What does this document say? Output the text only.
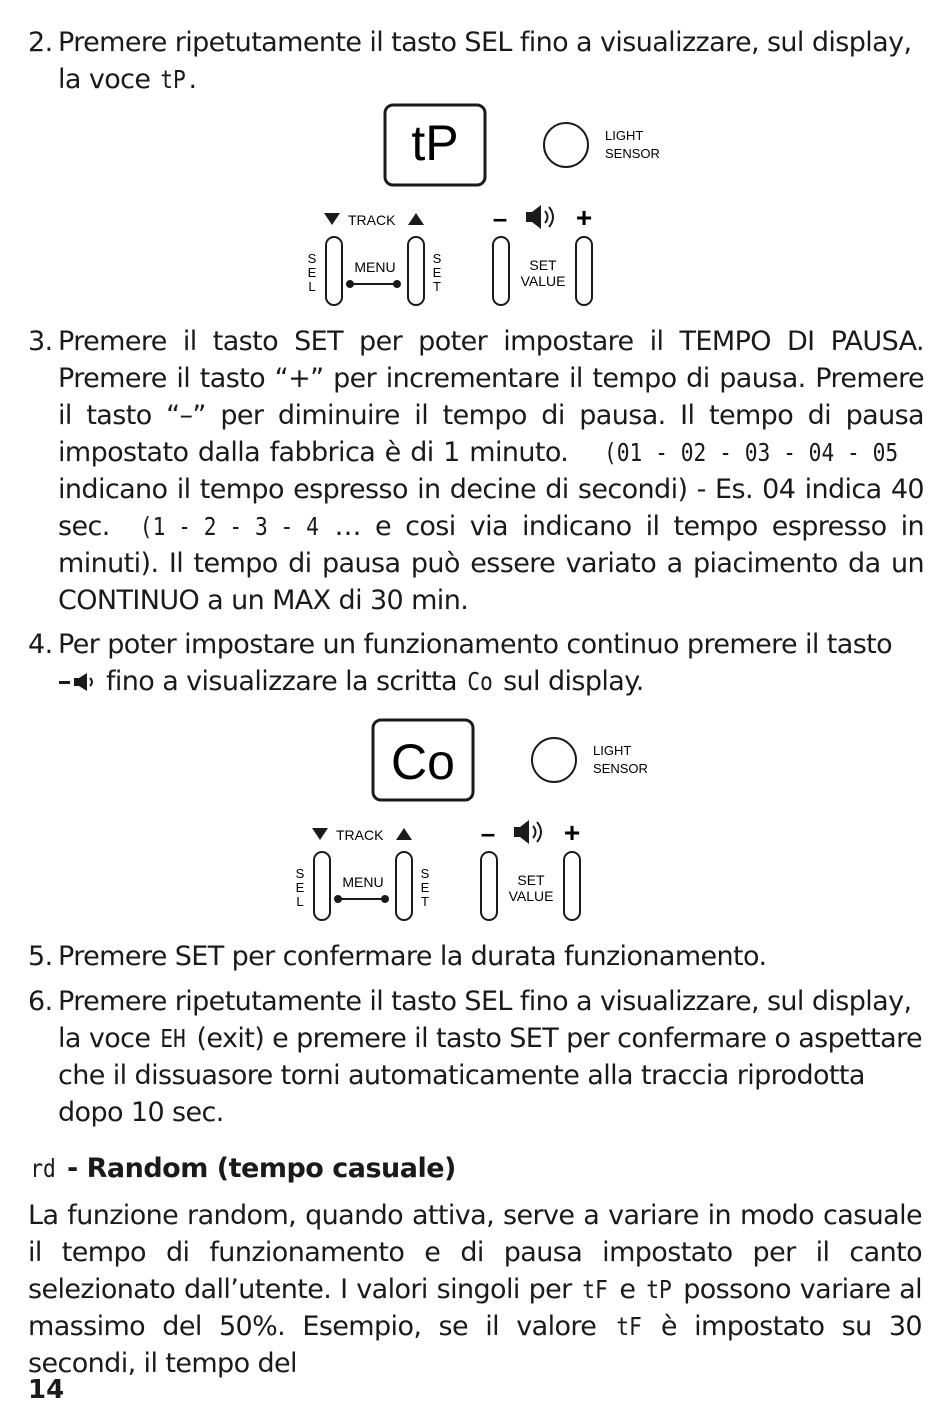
2. Premere ripetutamente il tasto SEL fino a visualizzare, sul display, la voce tP.
tP	LIGHT
SENSOR
TRACK
S
E
L
MENU
S
E
T
– +
SET
VALUE
3. Premere il tasto SET per poter impostare il TEMPO DI PAUSA. Premere il tasto “+” per incrementare il tempo di pausa. Premere il tasto “–” per diminuire il tempo di pausa. Il tempo di pausa impostato dalla fabbrica è di 1 minuto. (01 - 02 - 03 - 04 - 05 indicano il tempo espresso in decine di secondi) - Es. 04 indica 40 sec. (1 - 2 - 3 - 4 … e cosi via indicano il tempo espresso in minuti). Il tempo di pausa può essere variato a piacimento da un CONTINUO a un MAX di 30 min.
4. Per poter impostare un funzionamento continuo premere il tasto  fino a visualizzare la scritta Co sul display.
Co	LIGHT
SENSOR
TRACK
S
E
L
MENU
S
E
T
– +
SET
VALUE
5. Premere SET per confermare la durata funzionamento.
6. Premere ripetutamente il tasto SEL fino a visualizzare, sul display, la voce EH (exit) e premere il tasto SET per confermare o aspettare che il dissuasore torni automaticamente alla traccia riprodotta dopo 10 sec.
rd - Random (tempo casuale)
La funzione random, quando attiva, serve a variare in modo casuale il tempo di funzionamento e di pausa impostato per il canto selezionato dall’utente. I valori singoli per tF e tP possono variare al massimo del 50%. Esempio, se il valore tF è impostato su 30 secondi, il tempo del
14
